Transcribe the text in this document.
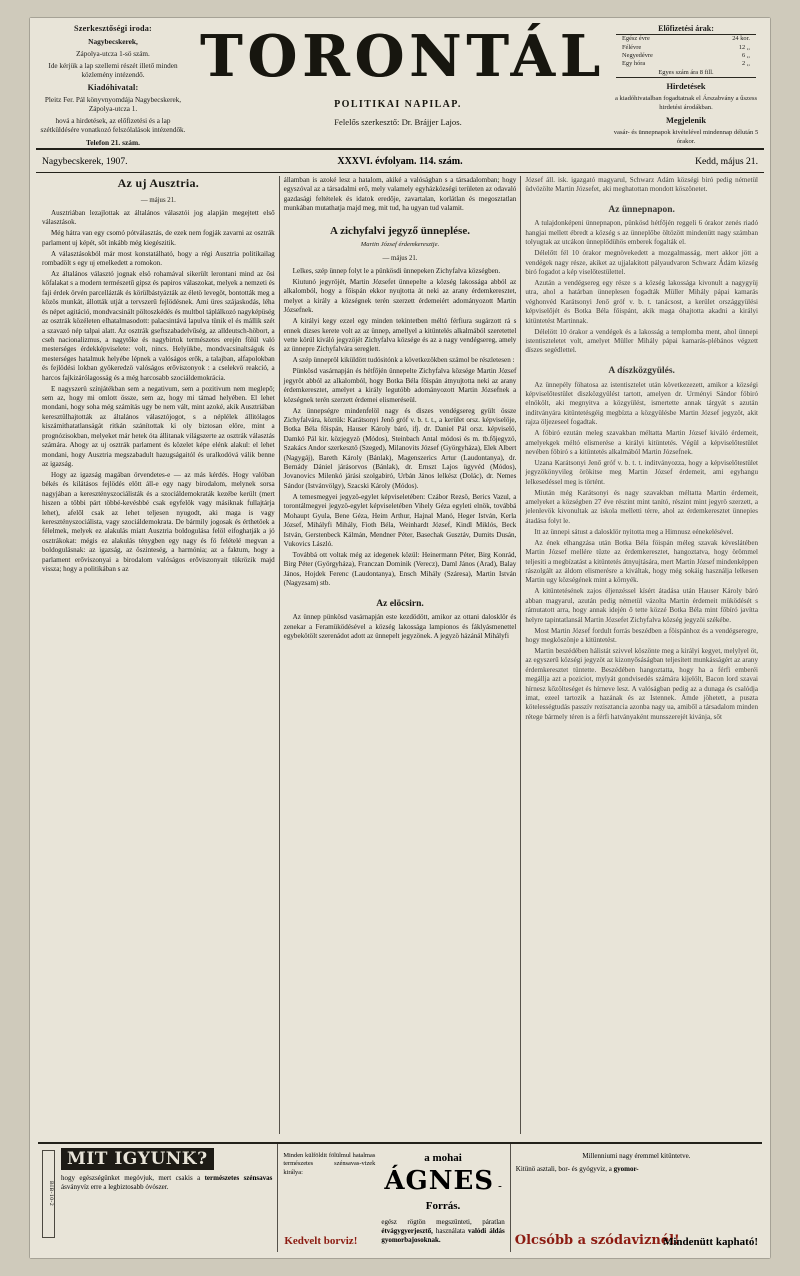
Szerkesztőségi iroda:

Nagybecskerek,

Zápolya-utcza 1-sö szám.

Ide kérjük a lap szellemi részét illető minden közlemény intézendő.

Kiadóhivatal:

Pleitz Fer. Pál könyvnyomdája Nagybecskerek, Zápolya-utcza 1.

hová a hirdetések, az előfizetési és a lap szétküldésére vonatkozó felszólalások intézendők.

Telefon 21. szám.

TORONTÁL
POLITIKAI NAPILAP.
Felelős szerkesztő: Dr. Brájjer Lajos.
Előfizetési árak:
Egész évre	24 kor.
Félévre	12 ,,
Negyedévre	6 ,,
Egy hóra	2 ,,
Egyes szám ára 8 fill.
Hirdetések
a kiadóhivatalban fogadtatnak el Árszabvány a űszess hirdetési árodákban.
Megjelenik
vasár- és ünnepnapok kivételével mindennap délután 5 órakor.
Nagybecskerek, 1907.	XXXVI. évfolyam. 114. szám.	Kedd, május 21.
Az uj Ausztria.
— május 21.

Ausztriában lezajlottak az általános választói jog alapján megejtett első választások.

Még hátra van egy csomó pótválasztás, de ezek nem fogják zavarni az osztrák parlament uj képét, sőt inkább még kiegészitik.

A választásokból már most konstatálható, hogy a régi Ausztria politikailag rombadölt s egy uj emelkedett a romokon.

Az általános választó jognak elsö rohamával sikerült lerontani mind az ősi kőfalakat s a modern természetű gipsz és papiros válaszokat, melyek a nemzeti és faji érdek örvén parcellázták és körülbástyázták az életö levegöt, bontották meg a közös munkát, állották utját a tervszerű fejlödésnek. Ami üres szájaskodás, léha és népet agitáció, mondvacsinált pöltoszkédés és multbol táplálkozó nagyképüség az osztrák közéleten elhatalmasodott: palacsintává lapulva tünik el és mállik szét a szavazó nép talpai alatt. Az osztrák gseftszabadelvűség, az alldeutsch-höbort, a cseh nacionalizmus, a nagytőke és nagybirtok természetes erején fölül való mesterséges érdekképviselete: volt, nincs. Helyükbe, mondvacsinaltságuk és mesterséges hatalmuk helyébe lépnek a valóságos erők, a talajban, alfapolokban és fejlödési lokban gyökeredzö valóságos erőviszonyok : a cselekvö reakció, a harcos fajkizárólagosság és a még harcosabb szociáldemokrácia.

E nagyszerü színjátékban sem a negativum, sem a pozitivum nem meglepő; sem az, hogy mi omlott össze, sem az, hogy mi támad helyében. El lehet mondani, hogy soha még számítás ugy be nem vált, mint azoké, akik Ausztriában keresztülhajtották az általános választójogot, s a néplélek állitólagos kiszámithatatlanságát ritkán szánítottak ki oly biztosan elöre, mint a prognózisokban, melyeket már hetek óta állitanak világszerte az osztrák választás számára. Ahogy az uj osztrák parlament és közelet képe elénk alakul: el lehet mondani, hogy Ausztria megszabadult hazugságaitól és uralkodóvá válik benne az igazság.

Hogy az igazság magában örvendetes-e — az más kérdés. Hogy valóban békés és kilátásos fejlödés elött áll-e egy nagy birodalom, melynek sorsa nagyjában a keresztényszociálisták és a szociáldemokraták kezébe került (mert hiszen a többi párt többé-kevésbbé csak egyfelök vagy másiknak fullajtárja lehet), afelől csak az lehet teljesen nyugodt, aki maga is vagy keresztényszociálista, vagy szociáldemokrata. De bármily jogosak és érthetöek a félelmek, melyek ez alakulás miatt Ausztria boldogulása felöl eifoghatják a jó osztrákokat: mégis ez alakulás ténygben egy nagy és fö felételé megvan a boldogulásnak: az igazság, az öszinteség, a harmónia; az a faktum, hogy a parlament erőviszonyai a birodalom valóságos erőviszonyait tükrözik majd vissza; hogy a politikában s az

államban is azoké lesz a hatalom, akiké a valóságban s a társadalomban; hogy egyszóval az a társadalmi erő, mely valamely egyházközségi területen az odavaló gazdasági feltételek és idatok eredője, zavartalan, korlátlan és megosztatlan munkában mutathatja majd meg, mit tud, ha ugyan tud valamit.

A zichyfalvi jegyző ünneplése.
Martin József érdemkeresztje.
— május 21.

Lelkes, szép ünnep folyt le a pünkösdi ünnepeken Zichyfalva községben.

Kiutunó jegyröjét, Martin Józsefet ünnepelte a község lakossága abból az alkalomból, hogy a főispán ekkor nyujtotta át neki az arany érdemkeresztet, melyet a király a községnek terén szerzett érdemeiért adományozott Martin Józsefnek.

A királyi kegy ezzel egy minden tekintetben méltó férfiura sugárzott rá s ennek dizses kerete volt az az ünnep, amellyel a kitüntelés alkalmából szeretettel vette körül kiváló jegyzöjét Zichyfalva községe és az a nagy vendégsereg, amely az ünnepre Zichyfalvára sereglett.

A szép ünnepröl kiküldött tudósitónk a következökben számol be részletesen :

Pünkösd vasárnapján és hétfőjén ünnepelte Zichyfalva községe Martin József jegyröt abból az alkalomból, hogy Botka Béla főispán átnyujtotta neki az arany érdemkeresztet, amelyet a király legutóbb adományozott Martin Józsefnek a községnek terén szerzett érdemei elismeréseül.

Az ünnepségre mindenfelöl nagy és diszes vendégsereg gyült össze Zichyfalvára, köztük: Karátsonyi Jenő gróf v. b. t. t., a kerület orsz. képviselöje, Botka Béla főispán, Hauser Károly báró, ifj. dr. Daniel Pál orsz. képviselö, Damkó Pál kir. közjegyzö (Módos), Steinbach Antal módosi és m. tb.főjegyzö, Szakács Andor szerkesztö (Szeged), Milanovits József (Györgyháza), Elek Albert (Nagygáj), Bareth Károly (Bánlak), Magenszerics Artur (Laudontanya), dr. Bernády Dániel járásorvos (Bánlak), dr. Ernszt Lajos ügyvéd (Módos), Jovanovics Milenkó járási szolgabiró, Urbán János lelkész (Dolác), dr. Nemes Sándor (Istvánvölgy), Szacski Károly (Módos).

A temesmegyei jegyzö-egylet képviseletében: Czábor Rezsö, Berics Vazul, a torontálmegyei jegyzö-egylet képviseletében Vihely Géza egyleti elnök, továbbá Mohaupt Gyula, Bene Géza, Heim Arthur, Hajnal Manó, Heger István, Kerla József, Mihályfi Mihály, Fioth Béla, Weinhardt József, Kindl Miklós, Beck István, Gerstenbeck Kálmán, Mendner Péter, Basechak Gusztáv, Dumits Dusán, Vukovics László.

Továbbá ott voltak még az idegenek közül: Heinermann Péter, Birg Konrád, Birg Péter (Györgyháza), Franczan Dominik (Verecz), Daml János (Arad), Balay János, Hojdek Ferenc (Laudontanya), Ensch Mihály (Száresa), Martin István (Nagyzsam) stb.

Az elöcsirn.

Az ünnep pünkösd vasárnapján este kezdödött, amikor az ottani dalosklör és zenekar a Feramüködésével a község lakossága lampionos és fáklyásmenettel egybekötölt szerenádot adott az ünnepelt jegyzönek. A jegyzö házánál Mihályfi

József áll. isk. igazgató magyarul, Schwarz Adám községi biró pedig németül üdvözölte Martin Józsefet, aki meghatottan mondott köszönetet.

Az ünnepnapon.

A tulajdonképeni ünnepnapon, pünkösd hétfőjén reggeli 6 órakor zenés riadó hangjai mellett ébredt a község s az ünneplőbe öltözött mindenütt nagy számban tolyugtak az utcákon ünneplődühös emberek fogalták el.

Délelőtt fél 10 órakor megnövekedett a mozgalmasság, mert akkor jött a vendégek nagy része, akiket az ujjalakított pályaudvaron Schwarz Ádám község biró fogadot a kép viselőtestülettel.

Azután a vendégsereg egy része s a község lakossága kivonult a nagygyüj utra, ahol a határban ünneplesen fogadták Müller Mihály pápai kamarás véghonvéd Karátsonyi Jenő gróf v. b. t. tanácsost, a kerület országgyülési képviselőjét és Botka Béla főispánt, akik maga óhajtotta akadni a királyi kitüntetést Martinnak.

Délelött 10 órakor a vendégek és a lakosság a templomba ment, ahol ünnepi istentiszteletet volt, amelyet Müller Mihály pápai kamarás-plébános végzett díszes segédlettel.

A díszközgyülés.

Az ünnepély föhatosa az istentisztelet után következezett, amikor a községi képviselőtestület diszközgyülést tartott, amelyen dr. Urményi Sándor föbiró elnökölt, aki megnyitva a közgyülést, ismertette annak tárgyát s azután indítványára kitüntetésgéig megbízta a közgyülésbe Martin József jegyzöt, akit rajza öljezeseel fogadtak.

A föbiró ezután meleg szavakban méltatta Martin József kiváló érdemeit, amelyekgek méltó elismerése a királyi kitüntetés. Végül a képviselőtestület nevében föbiró s a kitüntetés alkalmából Martin Józsefnek.

Uzana Karátsonyi Jenő gróf v. b. t. t. inditványozza, hogy a képviselőtestület jegyzökönyvileg örökitse meg Martin József érdemeit, ami egyhangu lelkesedéssel meg is történt.

Miután még Karátsonyi és nagy szavakban méltatta Martin érdemeit, amelyeket a községben 27 éve részint mint tanító, részint mint jegyrö szerzett, a jelenlevök kivonultak az iskola melletti térre, ahol az érdemkeresztet ünnepies átadása folyt le.

Itt az ünnepi sátust a dalosklör nyitotta meg a Himnusz eénekelésével.

Az ének elhangzása után Botka Béla föispán méleg szavak kéveslátében Martin József mellére tüzte az érdemkeresztet, hangoztatva, hogy örömmel teljesiti a megbízatást a kitüntetés átnyujtására, mert Martin József mindenképpen rászolgált az áldom elismerésre a kiváltak, hogy még sokáig használja lelkesen Martin ugy községének mint a környék.

A kitüntetésének zajos éljenzéssel kísért átadása után Hauser Károly báró abban magyarul, azután pedig németül vázolta Martin érdemeit müködését s rámutatott arra, hogy annak idején ő tette közzé Botka Béla mint főbíró javítta helyre tapintatlansál Martin Józsefet Zichyfalva község jegyzöi székébe.

Most Martin József fordult forrás beszédben a föispánhoz és a vendégseregre, hogy megköszönje a kitüntetést.

Martin beszédében hálistát szivvel köszönte meg a királyi kegyet, melylyel öt, az egyszerű községi jegyzöt az kizonyősáságban teljesített munkásságért az arany érdemkeresztet tüntette. Beszédében hangoztatta, hogy ha a férfi emberéi megállja azt a poziciot, mylyát gondvisedés számára kijelölt, Bacon lord szavai hírnesz kőzölteséget és hírneve lesz. A valóságban pedig az a dunaga és csalódja imat, ezeel tartozik a hazának és az Istennek. Ámde jöhetett, a puszta kötelességtudás passzív rezisztancia azonba nagy ua, amiből a társadalom minden rétege bármely téren is a férfi hatványaként munsszerejét kivánja, sőt

BIB-10-2
MIT IGYUNK?
hogy egészségünket megóvjuk, mert csakis a természetes szénsavas ásványvíz erre a legbiztosabb óvószer.
Minden külföldit fölülmul hatalmas természetes szénsavas-vizek királya:
a mohai ÁGNES -Forrás.
egész rögtön megszünteti, páratlan étvágygyerjesztő, használata valódi áldás gyomorbajosoknak.
Kedvelt borviz!
Millenniumi nagy éremmel kitüntetve.
Kitünö asztali, bor- és gyógyviz, a gyomor-
Olcsóbb a szódaviznél!
Mindenütt kapható!
